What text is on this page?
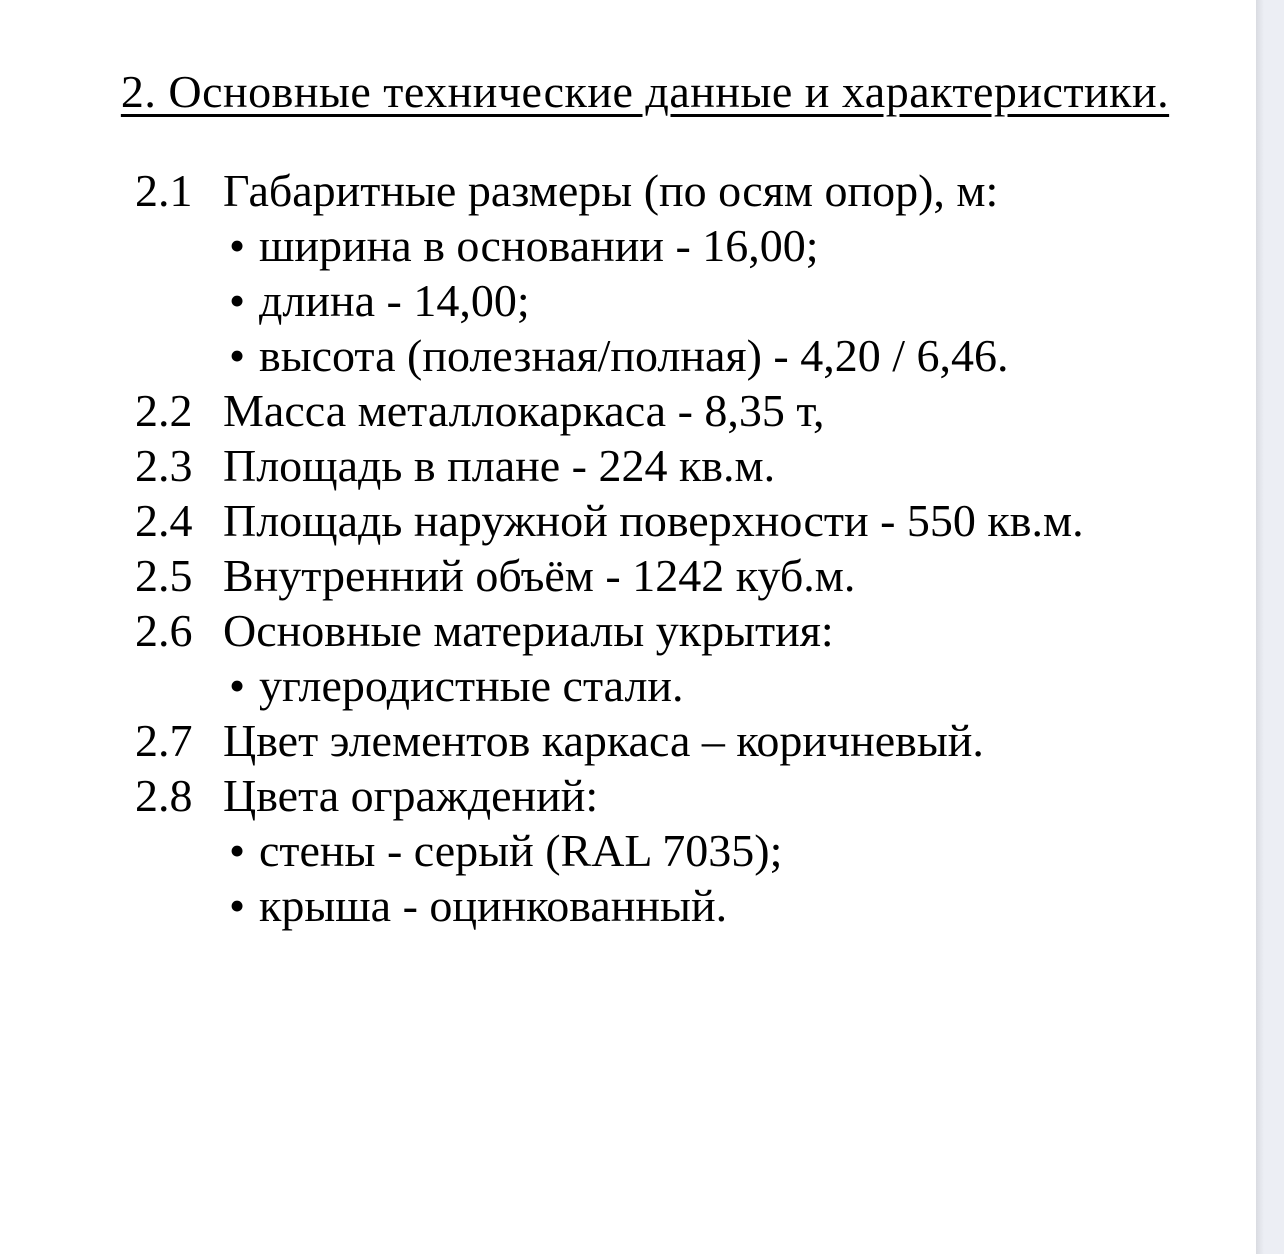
2. Основные технические данные и характеристики.
2.1 Габаритные размеры (по осям опор), м:
• ширина в основании - 16,00;
• длина - 14,00;
• высота (полезная/полная) - 4,20 / 6,46.
2.2 Масса металлокаркаса - 8,35 т,
2.3 Площадь в плане - 224 кв.м.
2.4 Площадь наружной поверхности - 550 кв.м.
2.5 Внутренний объём - 1242 куб.м.
2.6 Основные материалы укрытия:
• углеродистные стали.
2.7 Цвет элементов каркаса – коричневый.
2.8 Цвета ограждений:
• стены - серый (RAL 7035);
• крыша - оцинкованный.
